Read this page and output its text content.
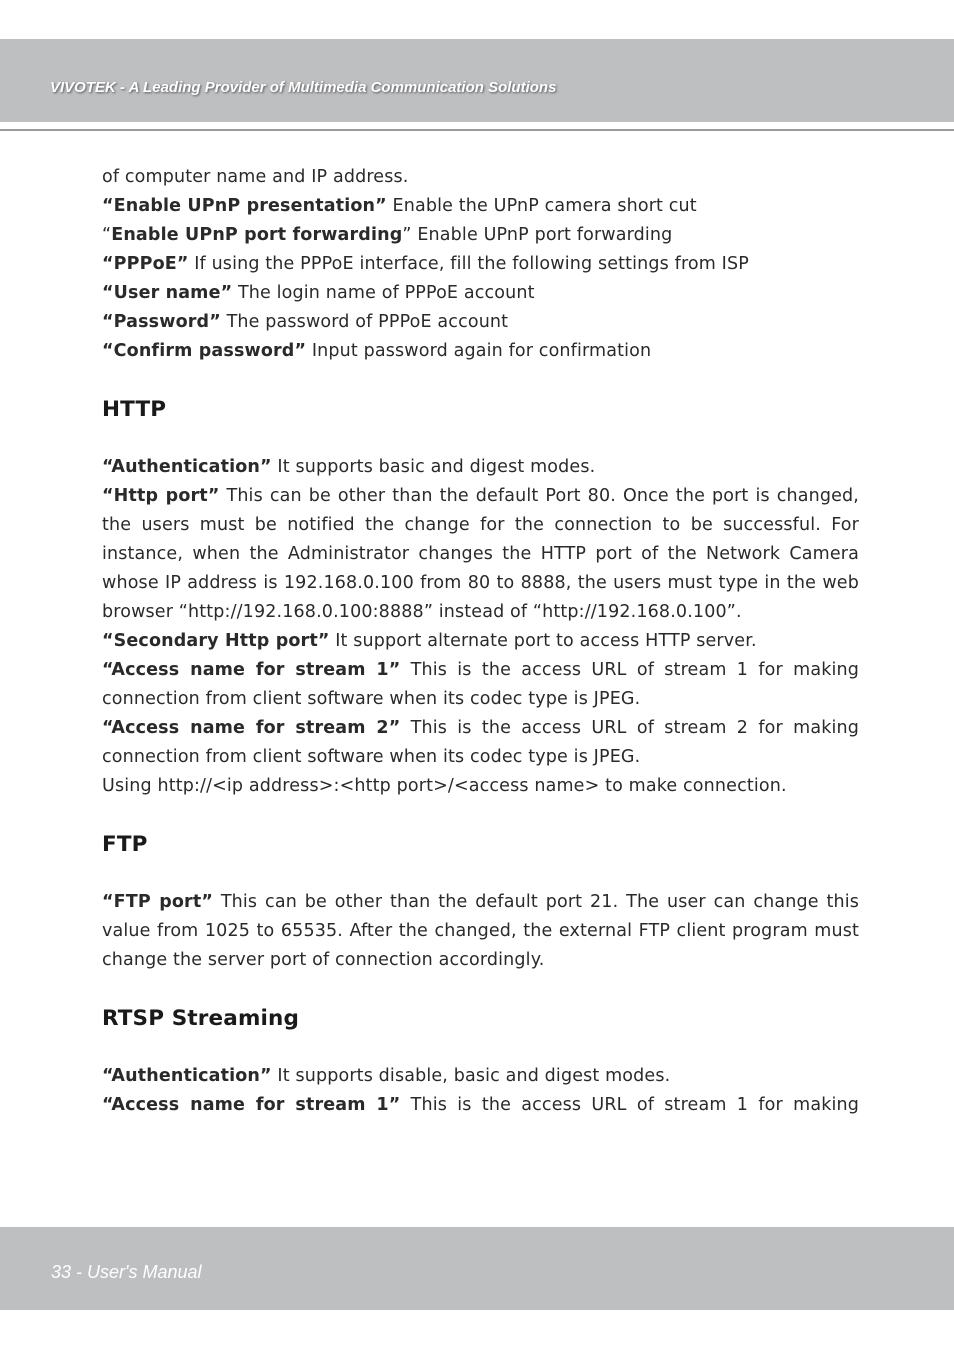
VIVOTEK - A Leading Provider of Multimedia Communication Solutions

of computer name and IP address.

“Enable UPnP presentation” Enable the UPnP camera short cut

“Enable UPnP port forwarding” Enable UPnP port forwarding

“PPPoE” If using the PPPoE interface, fill the following settings from ISP

“User name” The login name of PPPoE account

“Password” The password of PPPoE account

“Confirm password” Input password again for confirmation

HTTP

“Authentication” It supports basic and digest modes.

“Http port” This can be other than the default Port 80. Once the port is changed, the users must be notified the change for the connection to be successful. For instance, when the Administrator changes the HTTP port of the Network Camera whose IP address is 192.168.0.100 from 80 to 8888, the users must type in the web browser “http://192.168.0.100:8888” instead of “http://192.168.0.100”.

“Secondary Http port” It support alternate port to access HTTP server.

“Access name for stream 1” This is the access URL of stream 1 for making connection from client software when its codec type is JPEG.

“Access name for stream 2” This is the access URL of stream 2 for making connection from client software when its codec type is JPEG.

Using http://<ip address>:<http port>/<access name> to make connection.

FTP

“FTP port” This can be other than the default port 21. The user can change this value from 1025 to 65535. After the changed, the external FTP client program must change the server port of connection accordingly.

RTSP Streaming

“Authentication” It supports disable, basic and digest modes.

“Access name for stream 1” This is the access URL of stream 1 for making

33 - User's Manual
